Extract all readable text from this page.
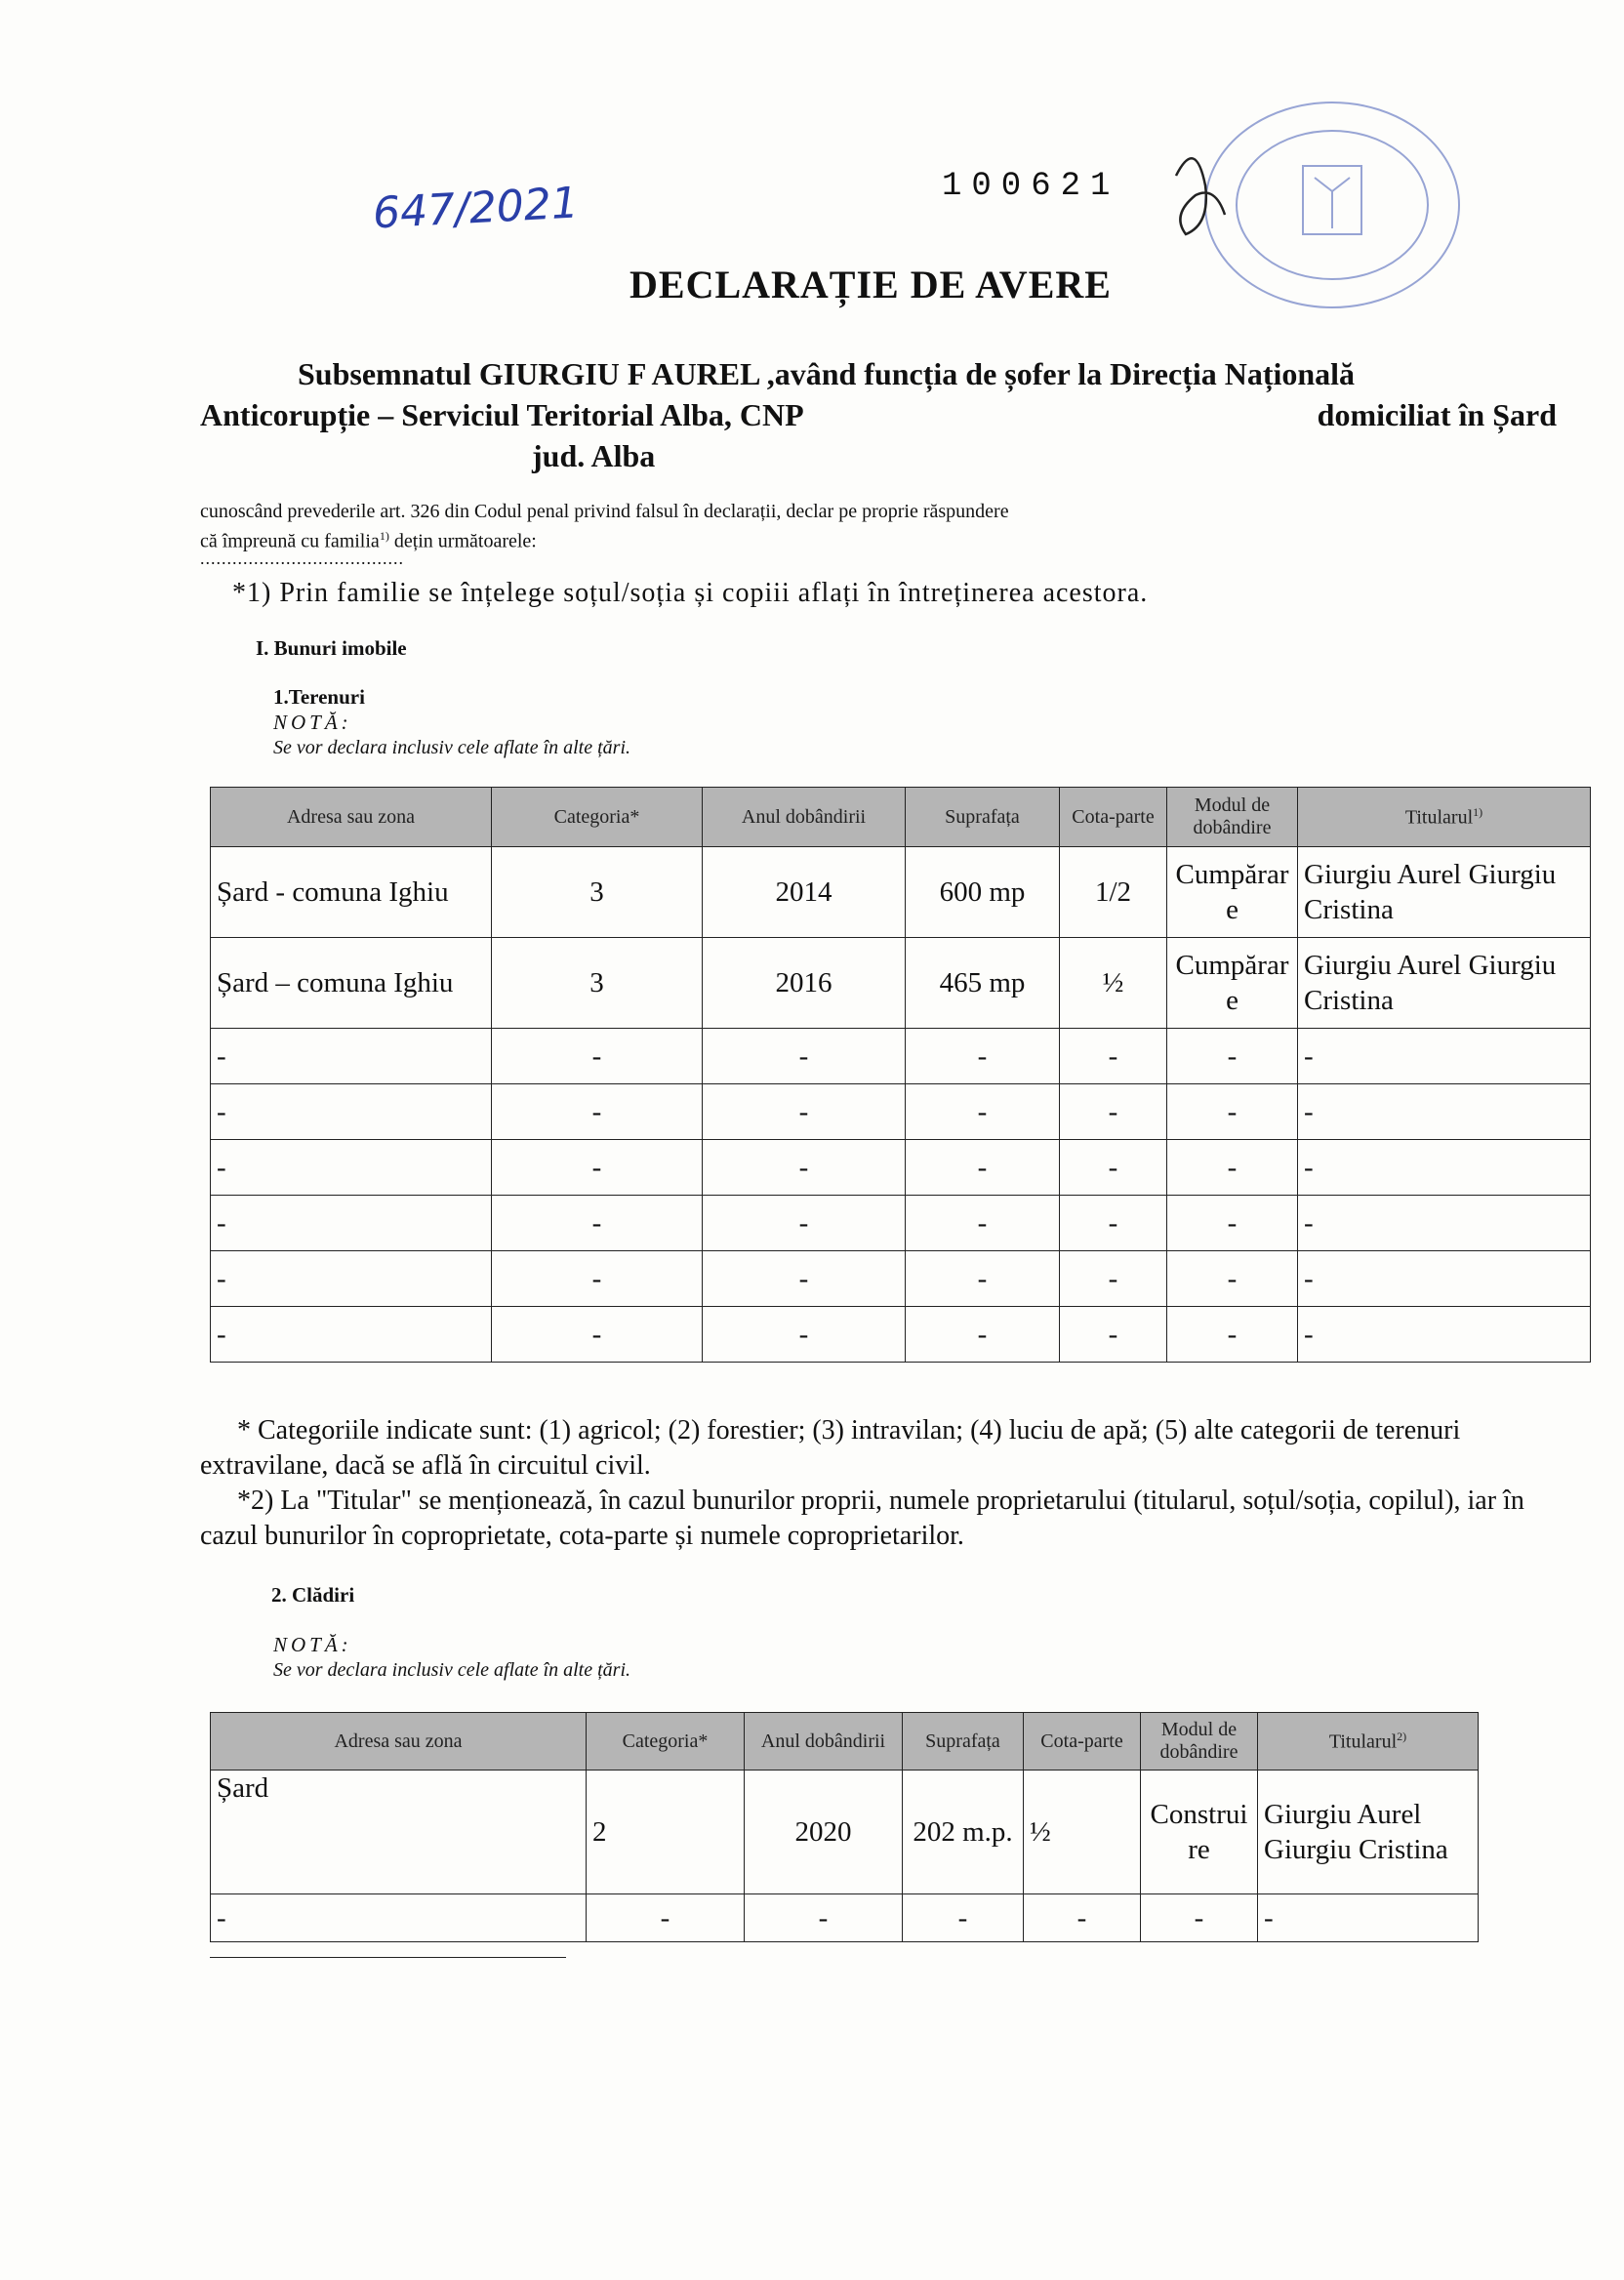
647/2021	100621
DECLARAȚIE DE AVERE
Subsemnatul GIURGIU F AUREL ,având funcția de șofer la Direcția Națională
Anticorupție – Serviciul Teritorial Alba, CNP	domiciliat în Șard
jud. Alba
cunoscând prevederile art. 326 din Codul penal privind falsul în declarații, declar pe proprie răspundere
că împreună cu familia$^{1)}$ dețin următoarele:
......................................
*1) Prin familie se înțelege soțul/soția și copiii aflați în întreținerea acestora.
I. Bunuri imobile
1.Terenuri
NOTĂ:
Se vor declara inclusiv cele aflate în alte țări.
Adresa sau zona	Categoria*	Anul dobândirii	Suprafața	Cota-parte	Modul de dobândire	Titularul$^{1)}$
Șard - comuna Ighiu	3	2014	600 mp	1/2	Cumpărare	Giurgiu Aurel Giurgiu Cristina
Șard – comuna Ighiu	3	2016	465 mp	½	Cumpărare	Giurgiu Aurel Giurgiu Cristina
-	-	-	-	-	-	-
-	-	-	-	-	-	-
-	-	-	-	-	-	-
-	-	-	-	-	-	-
-	-	-	-	-	-	-
-	-	-	-	-	-	-
* Categoriile indicate sunt: (1) agricol; (2) forestier; (3) intravilan; (4) luciu de apă; (5) alte categorii de terenuri extravilane, dacă se află în circuitul civil.
*2) La "Titular" se menționează, în cazul bunurilor proprii, numele proprietarului (titularul, soțul/soția, copilul), iar în cazul bunurilor în coproprietate, cota-parte și numele coproprietarilor.
2. Clădiri
NOTĂ:
Se vor declara inclusiv cele aflate în alte țări.
Adresa sau zona	Categoria*	Anul dobândirii	Suprafața	Cota-parte	Modul de dobândire	Titularul$^{2)}$
Șard	2	2020	202 m.p.	½	Construire	Giurgiu Aurel Giurgiu Cristina
-	-	-	-	-	-	-
